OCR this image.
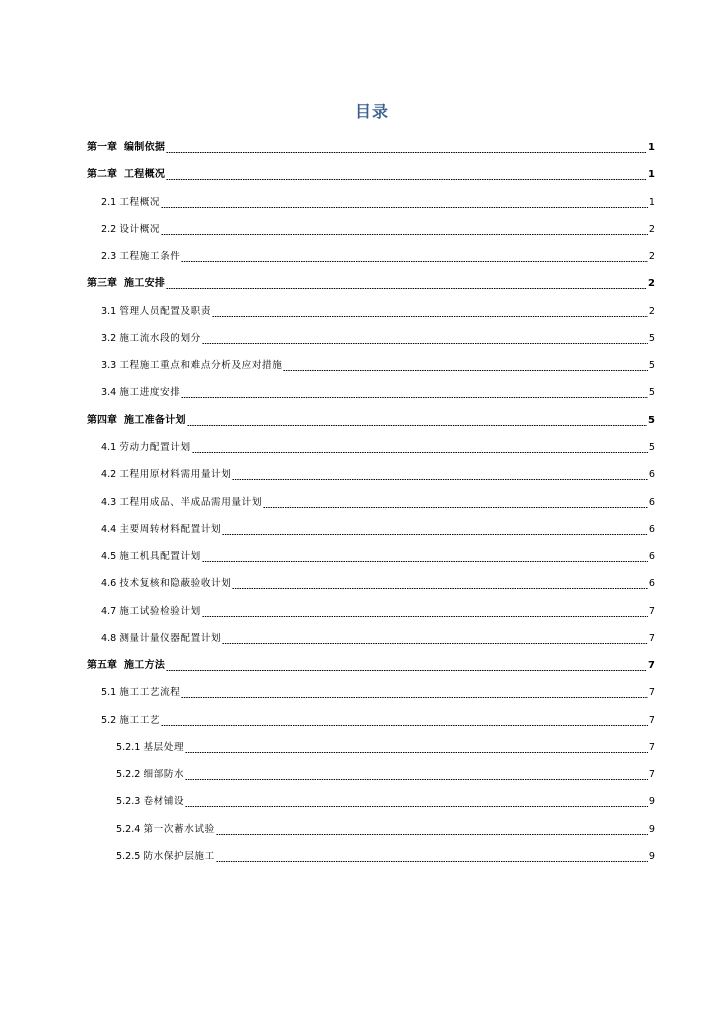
目录
第一章 编制依据	1
第二章 工程概况	1
2.1 工程概况	1
2.2 设计概况	2
2.3 工程施工条件	2
第三章 施工安排	2
3.1 管理人员配置及职责	2
3.2 施工流水段的划分	5
3.3 工程施工重点和难点分析及应对措施	5
3.4 施工进度安排	5
第四章 施工准备计划	5
4.1 劳动力配置计划	5
4.2 工程用原材料需用量计划	6
4.3 工程用成品、半成品需用量计划	6
4.4 主要周转材料配置计划	6
4.5 施工机具配置计划	6
4.6 技术复核和隐蔽验收计划	6
4.7 施工试验检验计划	7
4.8 测量计量仪器配置计划	7
第五章 施工方法	7
5.1 施工工艺流程	7
5.2 施工工艺	7
5.2.1 基层处理	7
5.2.2 细部防水	7
5.2.3 卷材铺设	9
5.2.4 第一次蓄水试验	9
5.2.5 防水保护层施工	9
